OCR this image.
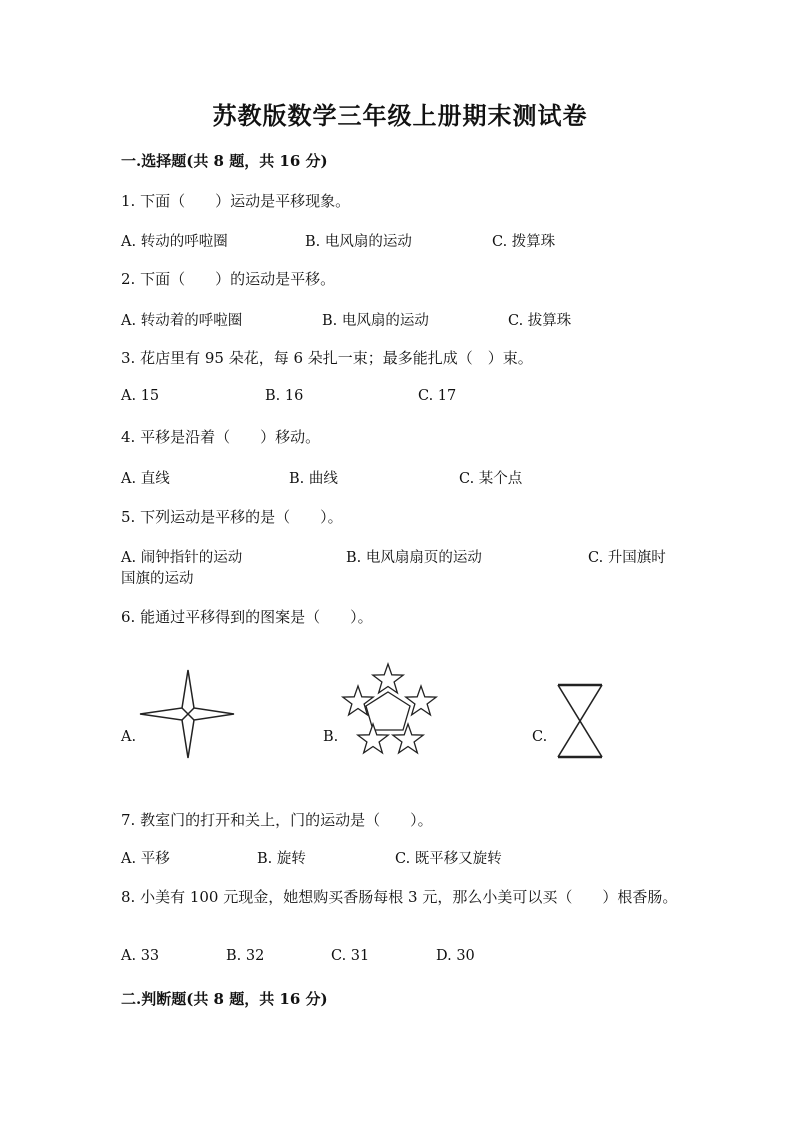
苏教版数学三年级上册期末测试卷
一.选择题(共 8 题，共 16 分)
1. 下面（　　）运动是平移现象。
A. 转动的呼啦圈	B. 电风扇的运动	C. 拨算珠
2. 下面（　　）的运动是平移。
A. 转动着的呼啦圈	B. 电风扇的运动	C. 拔算珠
3. 花店里有 95 朵花，每 6 朵扎一束；最多能扎成（　）束。
A. 15	B. 16	C. 17
4. 平移是沿着（　　）移动。
A. 直线	B. 曲线	C. 某个点
5. 下列运动是平移的是（　　）。
A. 闹钟指针的运动	B. 电风扇扇页的运动	C. 升国旗时
国旗的运动
6. 能通过平移得到的图案是（　　）。
A.	B.	C.
7. 教室门的打开和关上，门的运动是（　　）。
A. 平移	B. 旋转	C. 既平移又旋转
8. 小美有 100 元现金，她想购买香肠每根 3 元，那么小美可以买（　　）根香肠。
A. 33	B. 32	C. 31	D. 30
二.判断题(共 8 题，共 16 分)
